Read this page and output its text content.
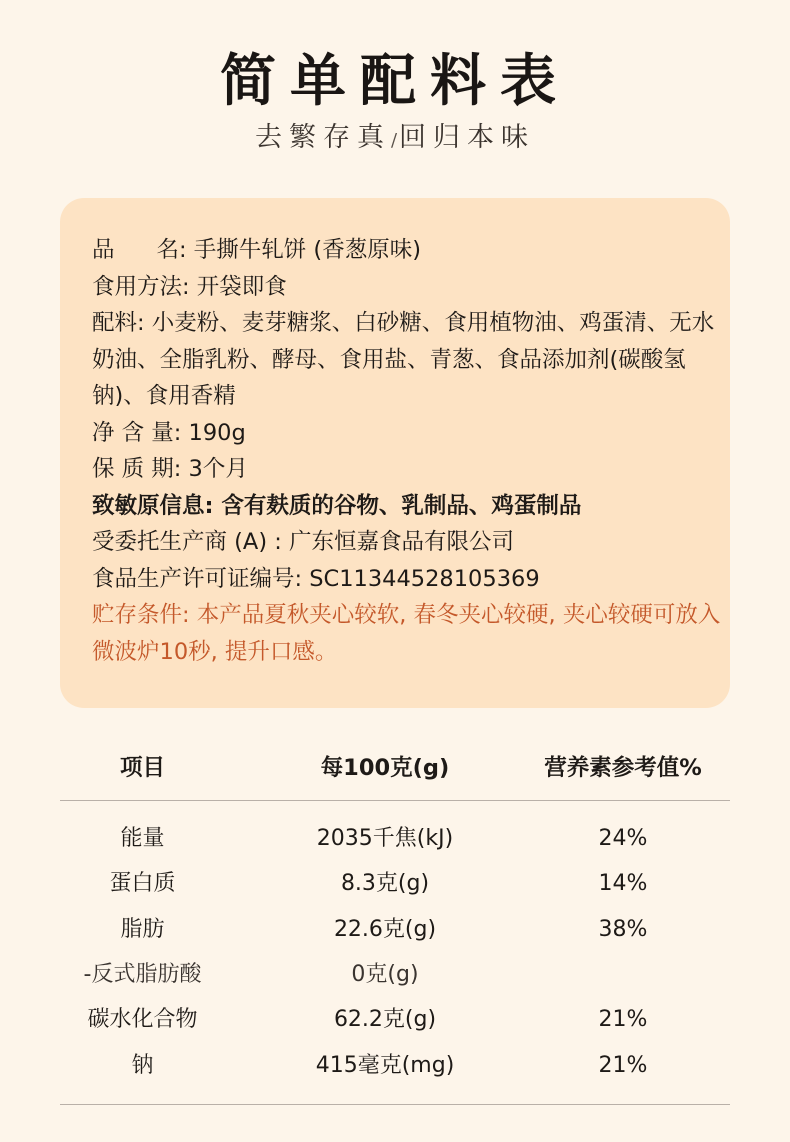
简单配料表
去繁存真/回归本味
品 名: 手撕牛轧饼 (香葱原味)
食用方法: 开袋即食
配料: 小麦粉、麦芽糖浆、白砂糖、食用植物油、鸡蛋清、无水奶油、全脂乳粉、酵母、食用盐、青葱、食品添加剂(碳酸氢钠)、食用香精
净 含 量: 190g
保 质 期: 3个月
致敏原信息: 含有麸质的谷物、乳制品、鸡蛋制品
受委托生产商 (A) : 广东恒嘉食品有限公司
食品生产许可证编号: SC11344528105369
贮存条件: 本产品夏秋夹心较软, 春冬夹心较硬, 夹心较硬可放入微波炉10秒, 提升口感。
项目	每100克(g)	营养素参考值%
能量	2035千焦(kJ)	24%
蛋白质	8.3克(g)	14%
脂肪	22.6克(g)	38%
-反式脂肪酸	0克(g)
碳水化合物	62.2克(g)	21%
钠	415毫克(mg)	21%
